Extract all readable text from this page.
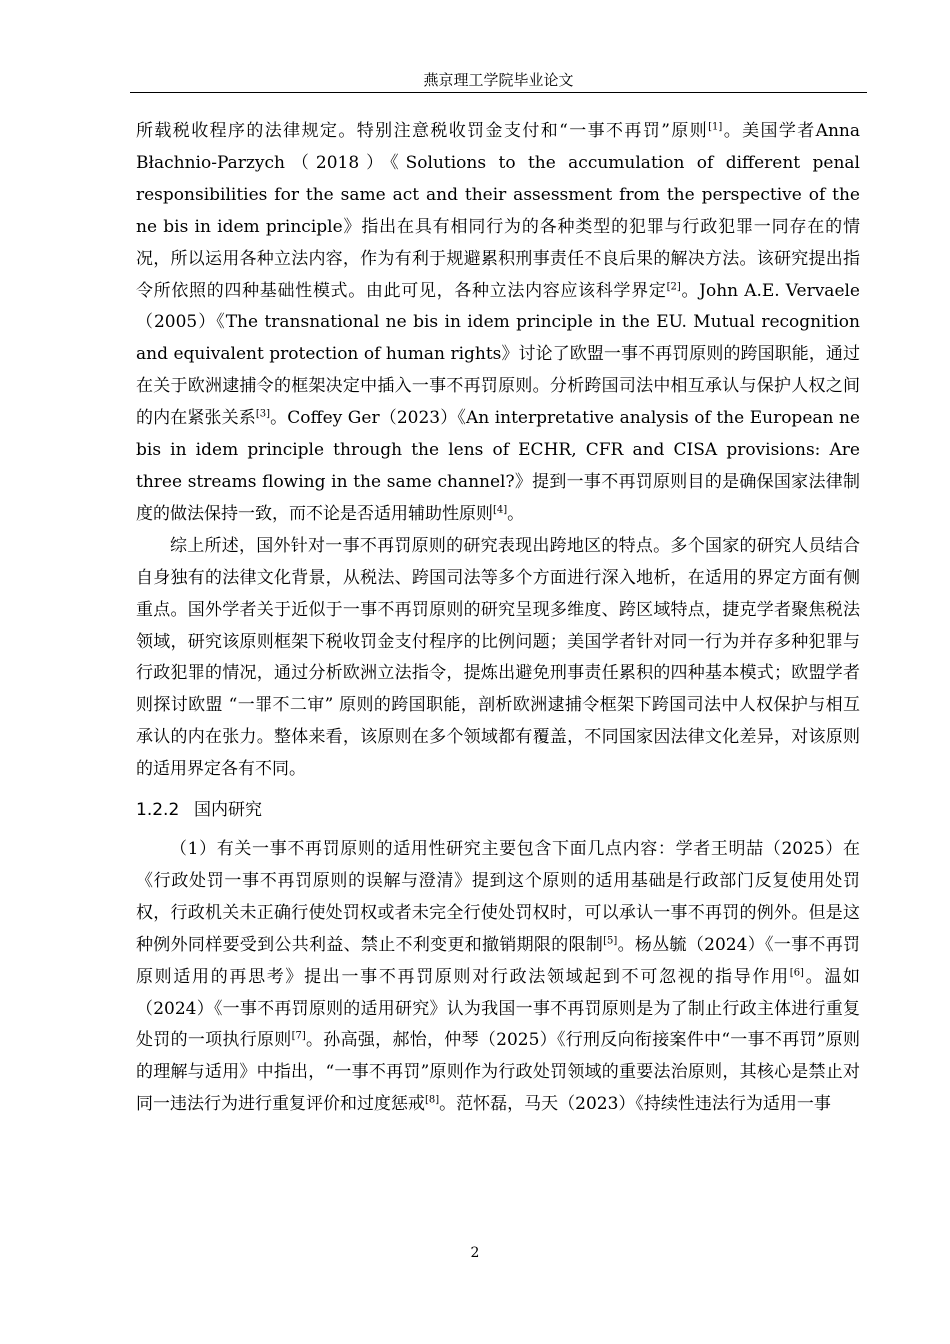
燕京理工学院毕业论文

所载税收程序的法律规定。特别注意税收罚金支付和“一事不再罚”原则[1]。美国学者Anna Błachnio-Parzych（2018）《Solutions to the accumulation of different penal responsibilities for the same act and their assessment from the perspective of the ne bis in idem principle》指出在具有相同行为的各种类型的犯罪与行政犯罪一同存在的情况，所以运用各种立法内容，作为有利于规避累积刑事责任不良后果的解决方法。该研究提出指令所依照的四种基础性模式。由此可见，各种立法内容应该科学界定[2]。John A.E. Vervaele（2005）《The transnational ne bis in idem principle in the EU. Mutual recognition and equivalent protection of human rights》讨论了欧盟一事不再罚原则的跨国职能，通过在关于欧洲逮捕令的框架决定中插入一事不再罚原则。分析跨国司法中相互承认与保护人权之间的内在紧张关系[3]。Coffey Ger（2023）《An interpretative analysis of the European ne bis in idem principle through the lens of ECHR, CFR and CISA provisions: Are three streams flowing in the same channel?》提到一事不再罚原则目的是确保国家法律制度的做法保持一致，而不论是否适用辅助性原则[4]。

综上所述，国外针对一事不再罚原则的研究表现出跨地区的特点。多个国家的研究人员结合自身独有的法律文化背景，从税法、跨国司法等多个方面进行深入地析，在适用的界定方面有侧重点。国外学者关于近似于一事不再罚原则的研究呈现多维度、跨区域特点，捷克学者聚焦税法领域，研究该原则框架下税收罚金支付程序的比例问题；美国学者针对同一行为并存多种犯罪与行政犯罪的情况，通过分析欧洲立法指令，提炼出避免刑事责任累积的四种基本模式；欧盟学者则探讨欧盟 “一罪不二审” 原则的跨国职能，剖析欧洲逮捕令框架下跨国司法中人权保护与相互承认的内在张力。整体来看，该原则在多个领域都有覆盖，不同国家因法律文化差异，对该原则的适用界定各有不同。

1.2.2 国内研究

（1）有关一事不再罚原则的适用性研究主要包含下面几点内容：学者王明喆（2025）在《行政处罚一事不再罚原则的误解与澄清》提到这个原则的适用基础是行政部门反复使用处罚权，行政机关未正确行使处罚权或者未完全行使处罚权时，可以承认一事不再罚的例外。但是这种例外同样要受到公共利益、禁止不利变更和撤销期限的限制[5]。杨丛毓（2024）《一事不再罚原则适用的再思考》提出一事不再罚原则对行政法领域起到不可忽视的指导作用[6]。温如（2024）《一事不再罚原则的适用研究》认为我国一事不再罚原则是为了制止行政主体进行重复处罚的一项执行原则[7]。孙高强，郝怡，仲琴（2025）《行刑反向衔接案件中“一事不再罚”原则的理解与适用》中指出，“一事不再罚”原则作为行政处罚领域的重要法治原则，其核心是禁止对同一违法行为进行重复评价和过度惩戒[8]。范怀磊，马天（2023）《持续性违法行为适用一事

2
